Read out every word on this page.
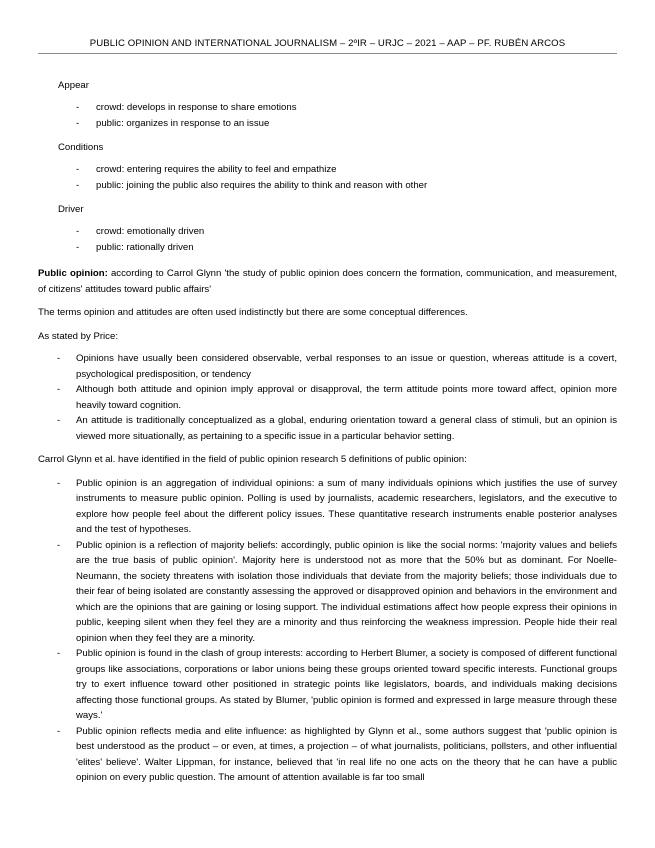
PUBLIC OPINION AND INTERNATIONAL JOURNALISM – 2ºIR – URJC – 2021 – AAP – PF. RUBÉN ARCOS
Appear
- crowd: develops in response to share emotions
- public: organizes in response to an issue
Conditions
- crowd: entering requires the ability to feel and empathize
- public: joining the public also requires the ability to think and reason with other
Driver
- crowd: emotionally driven
- public: rationally driven
Public opinion: according to Carrol Glynn 'the study of public opinion does concern the formation, communication, and measurement, of citizens' attitudes toward public affairs'
The terms opinion and attitudes are often used indistinctly but there are some conceptual differences.
As stated by Price:
- Opinions have usually been considered observable, verbal responses to an issue or question, whereas attitude is a covert, psychological predisposition, or tendency
- Although both attitude and opinion imply approval or disapproval, the term attitude points more toward affect, opinion more heavily toward cognition.
- An attitude is traditionally conceptualized as a global, enduring orientation toward a general class of stimuli, but an opinion is viewed more situationally, as pertaining to a specific issue in a particular behavior setting.
Carrol Glynn et al. have identified in the field of public opinion research 5 definitions of public opinion:
- Public opinion is an aggregation of individual opinions: a sum of many individuals opinions which justifies the use of survey instruments to measure public opinion. Polling is used by journalists, academic researchers, legislators, and the executive to explore how people feel about the different policy issues. These quantitative research instruments enable posterior analyses and the test of hypotheses.
- Public opinion is a reflection of majority beliefs: accordingly, public opinion is like the social norms: 'majority values and beliefs are the true basis of public opinion'. Majority here is understood not as more that the 50% but as dominant. For Noelle-Neumann, the society threatens with isolation those individuals that deviate from the majority beliefs; those individuals due to their fear of being isolated are constantly assessing the approved or disapproved opinion and behaviors in the environment and which are the opinions that are gaining or losing support. The individual estimations affect how people express their opinions in public, keeping silent when they feel they are a minority and thus reinforcing the weakness impression. People hide their real opinion when they feel they are a minority.
- Public opinion is found in the clash of group interests: according to Herbert Blumer, a society is composed of different functional groups like associations, corporations or labor unions being these groups oriented toward specific interests. Functional groups try to exert influence toward other positioned in strategic points like legislators, boards, and individuals making decisions affecting those functional groups. As stated by Blumer, 'public opinion is formed and expressed in large measure through these ways.'
- Public opinion reflects media and elite influence: as highlighted by Glynn et al., some authors suggest that 'public opinion is best understood as the product – or even, at times, a projection – of what journalists, politicians, pollsters, and other influential 'elites' believe'. Walter Lippman, for instance, believed that 'in real life no one acts on the theory that he can have a public opinion on every public question. The amount of attention available is far too small
